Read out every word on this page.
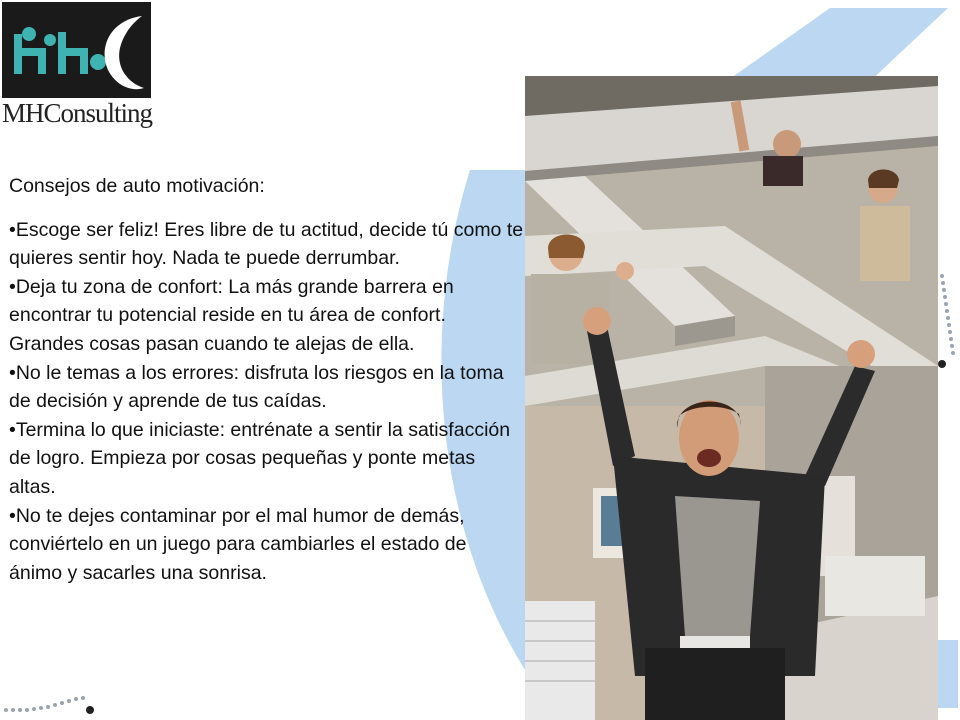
MHConsulting

Consejos de auto motivación:

•Escoge ser feliz! Eres libre de tu actitud, decide tú como te quieres sentir hoy. Nada te puede derrumbar.

•Deja tu zona de confort: La más grande barrera en encontrar tu potencial reside en tu área de confort. Grandes cosas pasan cuando te alejas de ella.

•No le temas a los errores: disfruta los riesgos en la toma de decisión y aprende de tus caídas.

•Termina lo que iniciaste: entrénate a sentir la satisfacción de logro. Empieza por cosas pequeñas y ponte metas altas.

•No te dejes contaminar por el mal humor de demás, conviértelo en un juego para cambiarles el estado de ánimo y sacarles una sonrisa.
